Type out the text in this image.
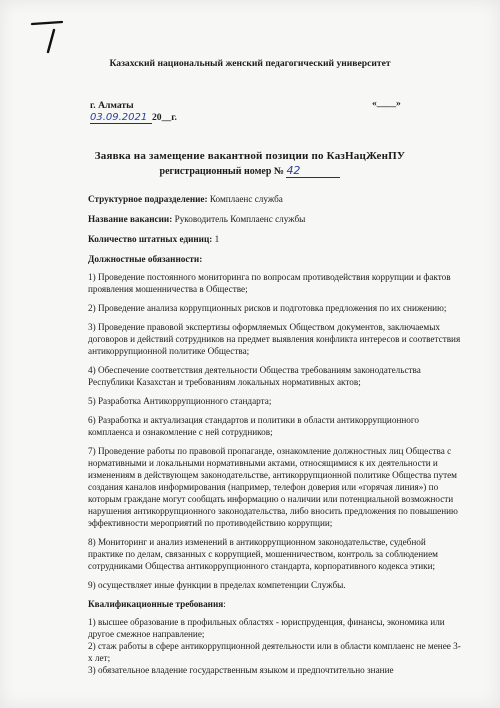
Казахский национальный женский педагогический университет
г. Алматы	«____»
03.09.2021 20__г.
Заявка на замещение вакантной позиции по КазНацЖенПУ
регистрационный номер № 42
Структурное подразделение: Комплаенс служба
Название вакансии: Руководитель Комплаенс службы
Количество штатных единиц: 1
Должностные обязанности:
1) Проведение постоянного мониторинга по вопросам противодействия коррупции и фактов проявления мошенничества в Обществе;
2) Проведение анализа коррупционных рисков и подготовка предложения по их снижению;
3) Проведение правовой экспертизы оформляемых Обществом документов, заключаемых договоров и действий сотрудников на предмет выявления конфликта интересов и соответствия антикоррупционной политике Общества;
4) Обеспечение соответствия деятельности Общества требованиям законодательства Республики Казахстан и требованиям локальных нормативных актов;
5) Разработка Антикоррупционного стандарта;
6) Разработка и актуализация стандартов и политики в области антикоррупционного комплаенса и ознакомление с ней сотрудников;
7) Проведение работы по правовой пропаганде, ознакомление должностных лиц Общества с нормативными и локальными нормативными актами, относящимися к их деятельности и изменениям в действующем законодательстве, антикоррупционной политике Общества путем создания каналов информирования (например, телефон доверия или «горячая линия») по которым граждане могут сообщать информацию о наличии или потенциальной возможности нарушения антикоррупционного законодательства, либо вносить предложения по повышению эффективности мероприятий по противодействию коррупции;
8) Мониторинг и анализ изменений в антикоррупционном законодательстве, судебной практике по делам, связанных с коррупцией, мошенничеством, контроль за соблюдением сотрудниками Общества антикоррупционного стандарта, корпоративного кодекса этики;
9) осуществляет иные функции в пределах компетенции Службы.
Квалификационные требования:
1) высшее образование в профильных областях - юриспруденция, финансы, экономика или другое смежное направление;
2) стаж работы в сфере антикоррупционной деятельности или в области комплаенс не менее 3-х лет;
3) обязательное владение государственным языком и предпочтительно знание
